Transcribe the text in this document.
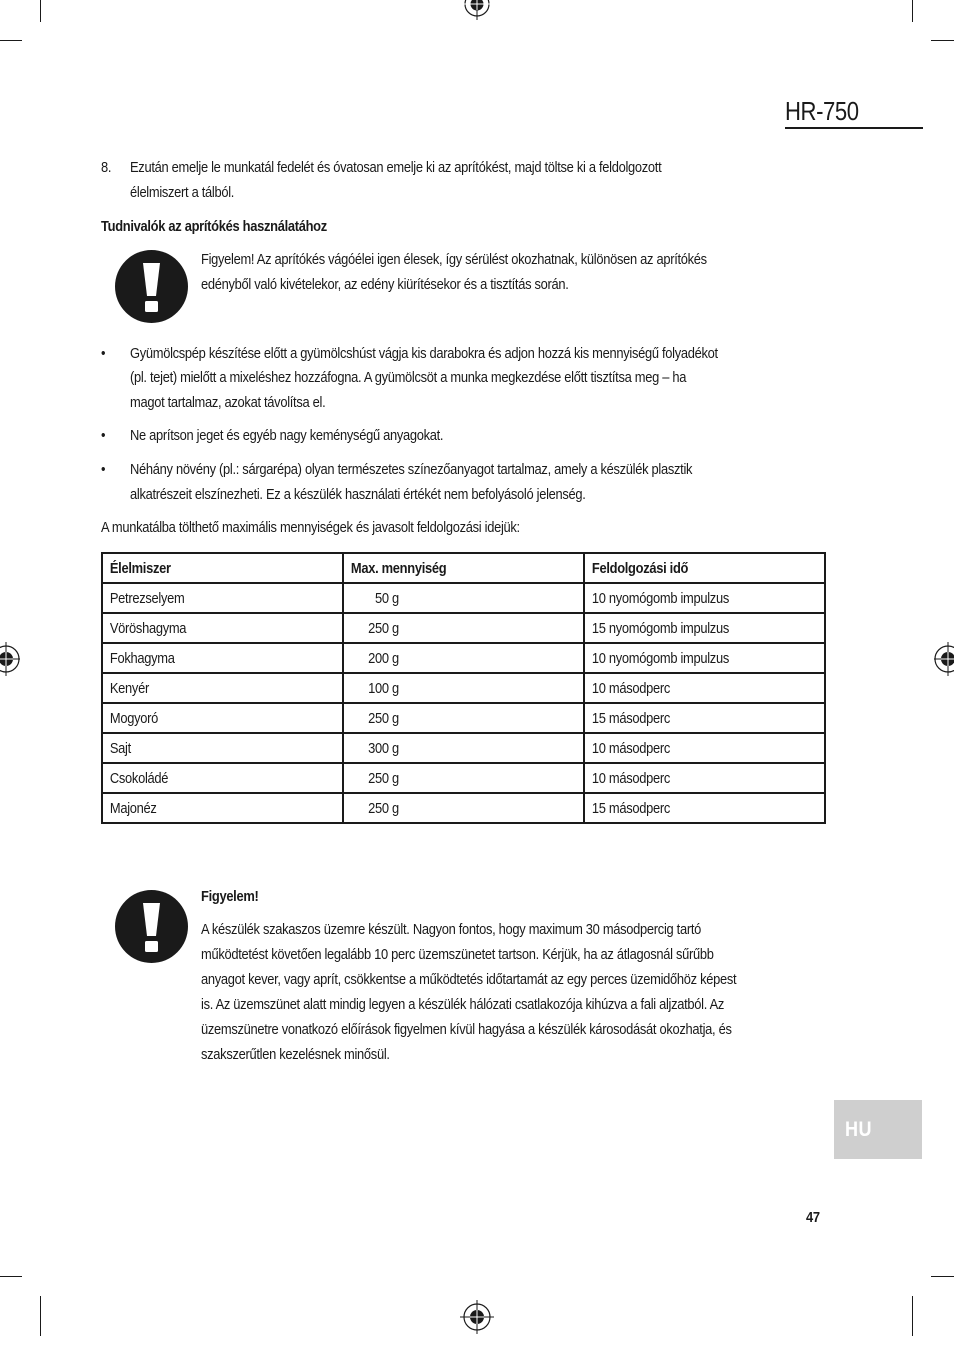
HR-750
8. Ezután emelje le munkatál fedelét és óvatosan emelje ki az aprítókést, majd töltse ki a feldolgozott
élelmiszert a tálból.
Tudnivalók az aprítókés használatához
Figyelem! Az aprítókés vágóélei igen élesek, így sérülést okozhatnak, különösen az aprítókés
edényből való kivételekor, az edény kiürítésekor és a tisztítás során.
• Gyümölcspép készítése előtt a gyümölcshúst vágja kis darabokra és adjon hozzá kis mennyiségű folyadékot
(pl. tejet) mielőtt a mixeléshez hozzáfogna. A gyümölcsöt a munka megkezdése előtt tisztítsa meg – ha
magot tartalmaz, azokat távolítsa el.
• Ne aprítson jeget és egyéb nagy keménységű anyagokat.
• Néhány növény (pl.: sárgarépa) olyan természetes színezőanyagot tartalmaz, amely a készülék plasztik
alkatrészeit elszínezheti. Ez a készülék használati értékét nem befolyásoló jelenség.
A munkatálba tölthető maximális mennyiségek és javasolt feldolgozási idejük:
Élelmiszer	Max. mennyiség	Feldolgozási idő

Petrezselyem	50 g	10 nyomógomb impulzus

Vöröshagyma	250 g	15 nyomógomb impulzus

Fokhagyma	200 g	10 nyomógomb impulzus

Kenyér	100 g	10 másodperc

Mogyoró	250 g	15 másodperc

Sajt	300 g	10 másodperc

Csokoládé	250 g	10 másodperc

Majonéz	250 g	15 másodperc
Figyelem!
A készülék szakaszos üzemre készült. Nagyon fontos, hogy maximum 30 másodpercig tartó
működtetést követően legalább 10 perc üzemszünetet tartson. Kérjük, ha az átlagosnál sűrűbb
anyagot kever, vagy aprít, csökkentse a működtetés időtartamát az egy perces üzemidőhöz képest
is. Az üzemszünet alatt mindig legyen a készülék hálózati csatlakozója kihúzva a fali aljzatból. Az
üzemszünetre vonatkozó előírások figyelmen kívül hagyása a készülék károsodását okozhatja, és
szakszerűtlen kezelésnek minősül.
HU
47
